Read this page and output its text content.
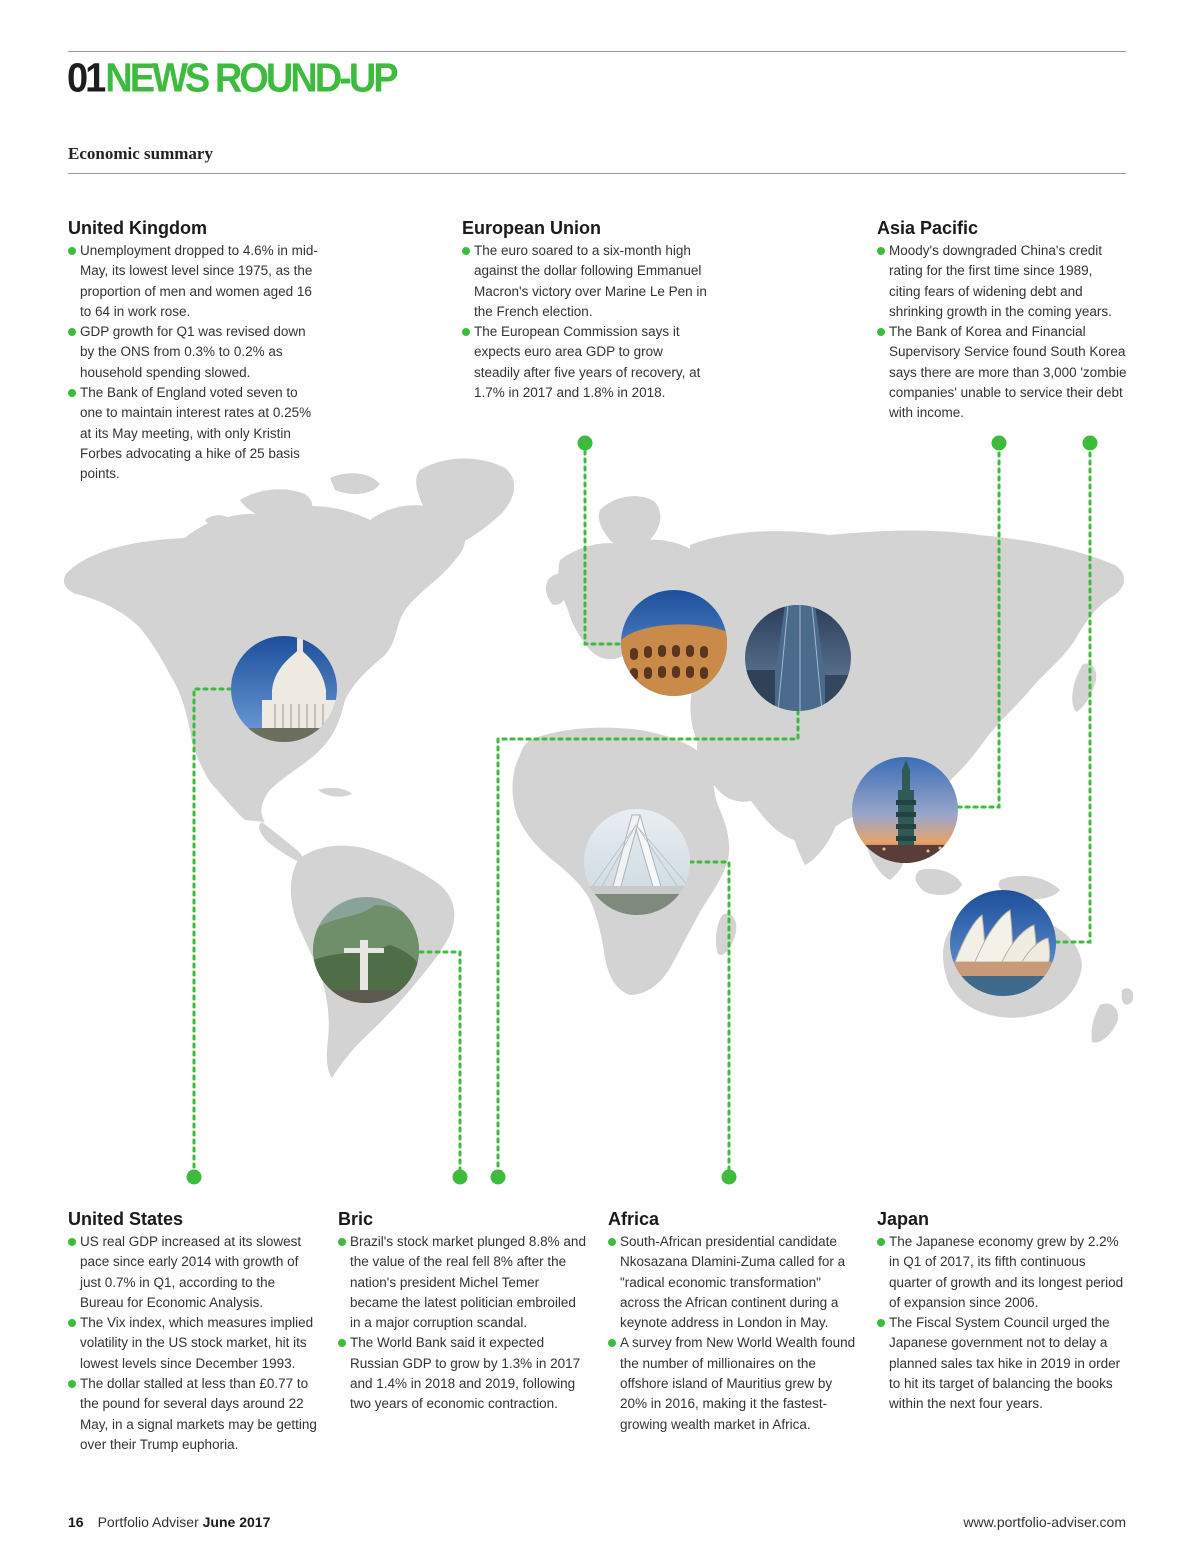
01NEWS ROUND-UP
Economic summary
United Kingdom
Unemployment dropped to 4.6% in mid-May, its lowest level since 1975, as the proportion of men and women aged 16 to 64 in work rose.
GDP growth for Q1 was revised down by the ONS from 0.3% to 0.2% as household spending slowed.
The Bank of England voted seven to one to maintain interest rates at 0.25% at its May meeting, with only Kristin Forbes advocating a hike of 25 basis points.
European Union
The euro soared to a six-month high against the dollar following Emmanuel Macron's victory over Marine Le Pen in the French election.
The European Commission says it expects euro area GDP to grow steadily after five years of recovery, at 1.7% in 2017 and 1.8% in 2018.
Asia Pacific
Moody's downgraded China's credit rating for the first time since 1989, citing fears of widening debt and shrinking growth in the coming years.
The Bank of Korea and Financial Supervisory Service found South Korea says there are more than 3,000 'zombie companies' unable to service their debt with income.
United States
US real GDP increased at its slowest pace since early 2014 with growth of just 0.7% in Q1, according to the Bureau for Economic Analysis.
The Vix index, which measures implied volatility in the US stock market, hit its lowest levels since December 1993.
The dollar stalled at less than £0.77 to the pound for several days around 22 May, in a signal markets may be getting over their Trump euphoria.
Bric
Brazil's stock market plunged 8.8% and the value of the real fell 8% after the nation's president Michel Temer became the latest politician embroiled in a major corruption scandal.
The World Bank said it expected Russian GDP to grow by 1.3% in 2017 and 1.4% in 2018 and 2019, following two years of economic contraction.
Africa
South-African presidential candidate Nkosazana Dlamini-Zuma called for a "radical economic transformation" across the African continent during a keynote address in London in May.
A survey from New World Wealth found the number of millionaires on the offshore island of Mauritius grew by 20% in 2016, making it the fastest-growing wealth market in Africa.
Japan
The Japanese economy grew by 2.2% in Q1 of 2017, its fifth continuous quarter of growth and its longest period of expansion since 2006.
The Fiscal System Council urged the Japanese government not to delay a planned sales tax hike in 2019 in order to hit its target of balancing the books within the next four years.
16 Portfolio Adviser June 2017	www.portfolio-adviser.com
